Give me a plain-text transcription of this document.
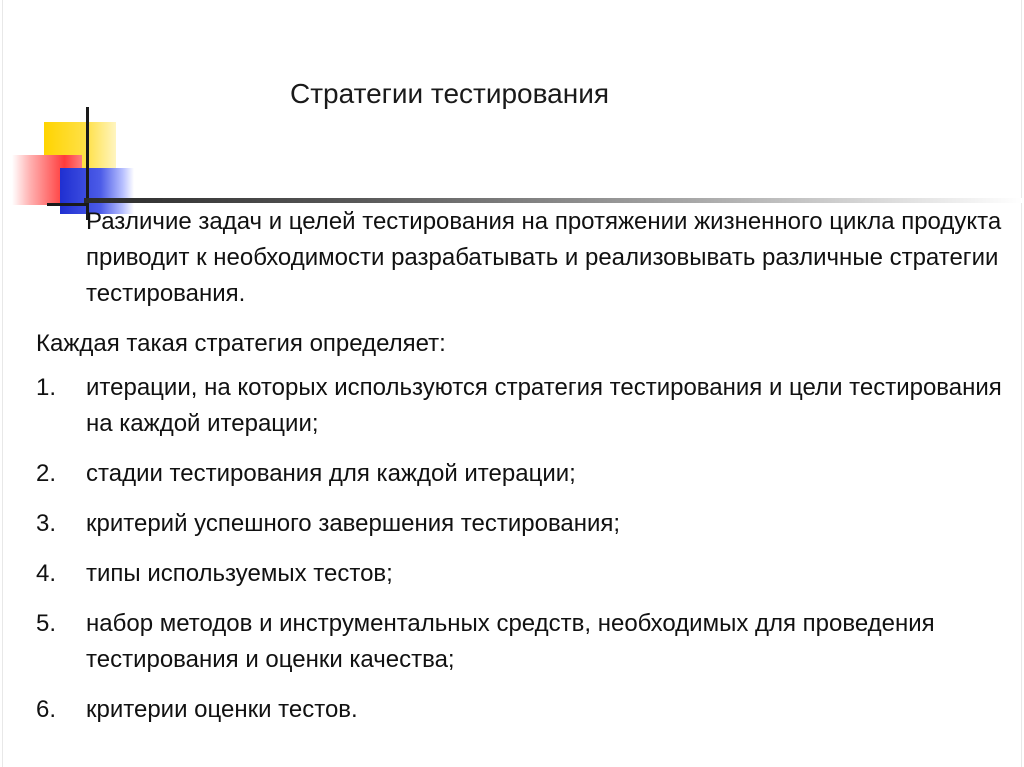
Стратегии тестирования

Различие задач и целей тестирования на протяжении жизненного цикла продукта приводит к необходимости разрабатывать и реализовывать различные стратегии тестирования.

Каждая такая стратегия определяет:

1.	итерации, на которых используются стратегия тестирования и цели тестирования на каждой итерации;
2.	стадии тестирования для каждой итерации;
3.	критерий успешного завершения тестирования;
4.	типы используемых тестов;
5.	набор методов и инструментальных средств, необходимых для проведения тестирования и оценки качества;
6.	критерии оценки тестов.
